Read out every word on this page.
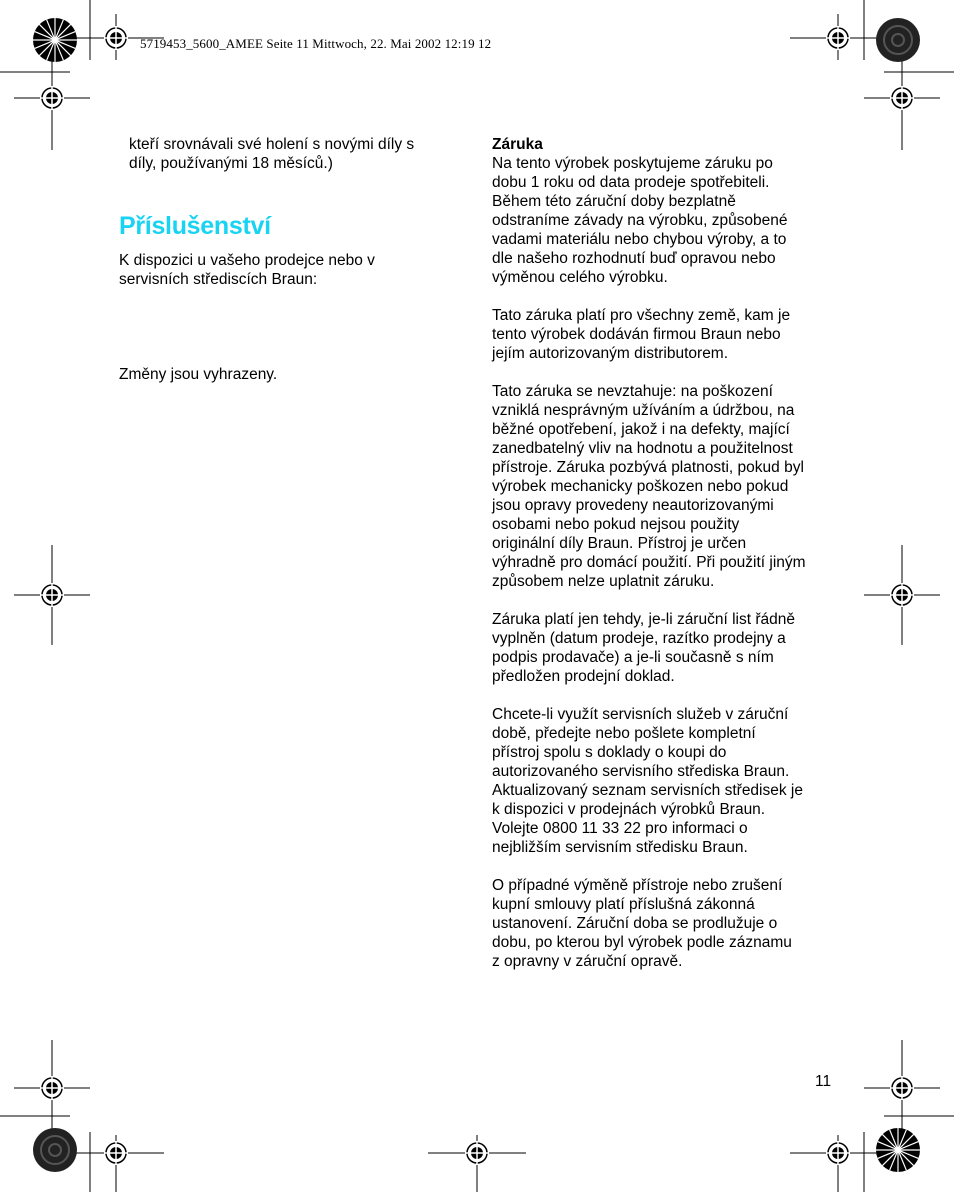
5719453_5600_AMEE Seite 11 Mittwoch, 22. Mai 2002 12:19 12
kteří srovnávali své holení s novými díly s
díly, používanými 18 měsíců.)
Příslušenství
K dispozici u vašeho prodejce nebo v
servisních střediscích Braun:
Změny jsou vyhrazeny.
Záruka
Na tento výrobek poskytujeme záruku po
dobu 1 roku od data prodeje spotřebiteli.
Během této záruční doby bezplatně
odstraníme závady na výrobku, způsobené
vadami materiálu nebo chybou výroby, a to
dle našeho rozhodnutí buď opravou nebo
výměnou celého výrobku.
Tato záruka platí pro všechny země, kam je
tento výrobek dodáván firmou Braun nebo
jejím autorizovaným distributorem.
Tato záruka se nevztahuje: na poškození
vzniklá nesprávným užíváním a údržbou, na
běžné opotřebení, jakož i na defekty, mající
zanedbatelný vliv na hodnotu a použitelnost
přístroje. Záruka pozbývá platnosti, pokud byl
výrobek mechanicky poškozen nebo pokud
jsou opravy provedeny neautorizovanými
osobami nebo pokud nejsou použity
originální díly Braun. Přístroj je určen
výhradně pro domácí použití. Při použití jiným
způsobem nelze uplatnit záruku.
Záruka platí jen tehdy, je-li záruční list řádně
vyplněn (datum prodeje, razítko prodejny a
podpis prodavače) a je-li současně s ním
předložen prodejní doklad.
Chcete-li využít servisních služeb v záruční
době, předejte nebo pošlete kompletní
přístroj spolu s doklady o koupi do
autorizovaného servisního střediska Braun.
Aktualizovaný seznam servisních středisek je
k dispozici v prodejnách výrobků Braun.
Volejte 0800 11 33 22 pro informaci o
nejbližším servisním středisku Braun.
O případné výměně přístroje nebo zrušení
kupní smlouvy platí příslušná zákonná
ustanovení. Záruční doba se prodlužuje o
dobu, po kterou byl výrobek podle záznamu
z opravny v záruční opravě.
11
